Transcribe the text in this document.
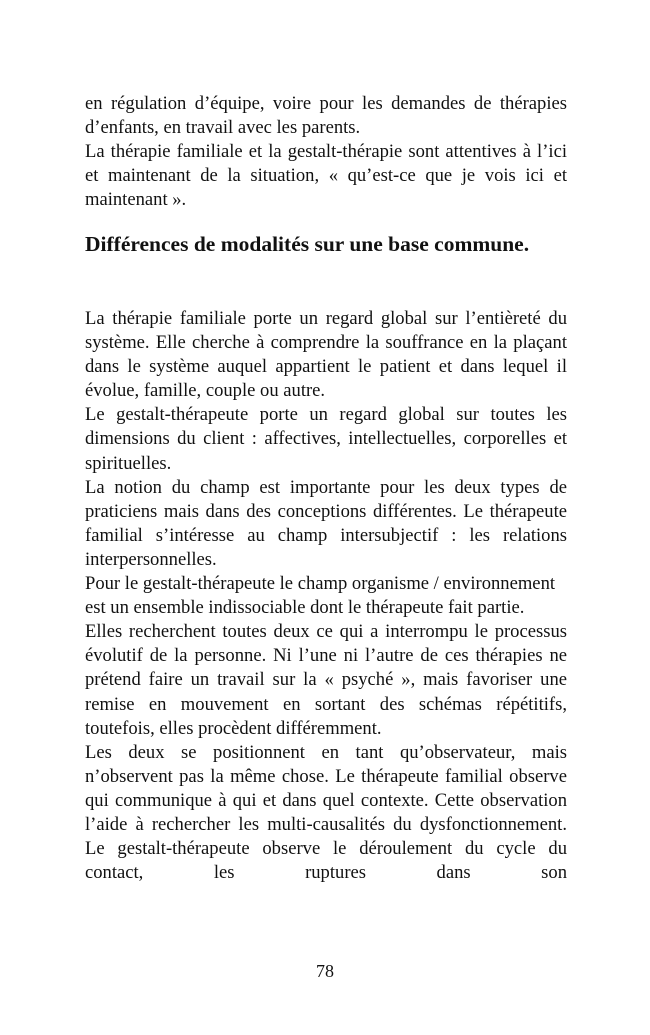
en régulation d’équipe, voire pour les demandes de thérapies d’enfants, en travail avec les parents.

La thérapie familiale et la gestalt-thérapie sont attentives à l’ici et maintenant de la situation, « qu’est-ce que je vois ici et maintenant ».

Différences de modalités sur une base commune.

La thérapie familiale porte un regard global sur l’entièreté du système. Elle cherche à comprendre la souffrance en la plaçant dans le système auquel appartient le patient et dans lequel il évolue, famille, couple ou autre.

Le gestalt-thérapeute porte un regard global sur toutes les dimensions du client : affectives, intellectuelles, corporelles et spirituelles.

La notion du champ est importante pour les deux types de praticiens mais dans des conceptions différentes. Le thérapeute familial s’intéresse au champ intersubjectif : les relations interpersonnelles.

Pour le gestalt-thérapeute le champ organisme / environnement est un ensemble indissociable dont le thérapeute fait partie.

Elles recherchent toutes deux ce qui a interrompu le processus évolutif de la personne. Ni l’une ni l’autre de ces thérapies ne prétend faire un travail sur la « psyché », mais favoriser une remise en mouvement en sortant des schémas répétitifs, toutefois, elles procèdent différemment.

Les deux se positionnent en tant qu’observateur, mais n’observent pas la même chose. Le thérapeute familial observe qui communique à qui et dans quel contexte. Cette observation l’aide à rechercher les multi-causalités du dysfonctionnement. Le gestalt-thérapeute observe le déroulement du cycle du contact, les ruptures dans son

78
